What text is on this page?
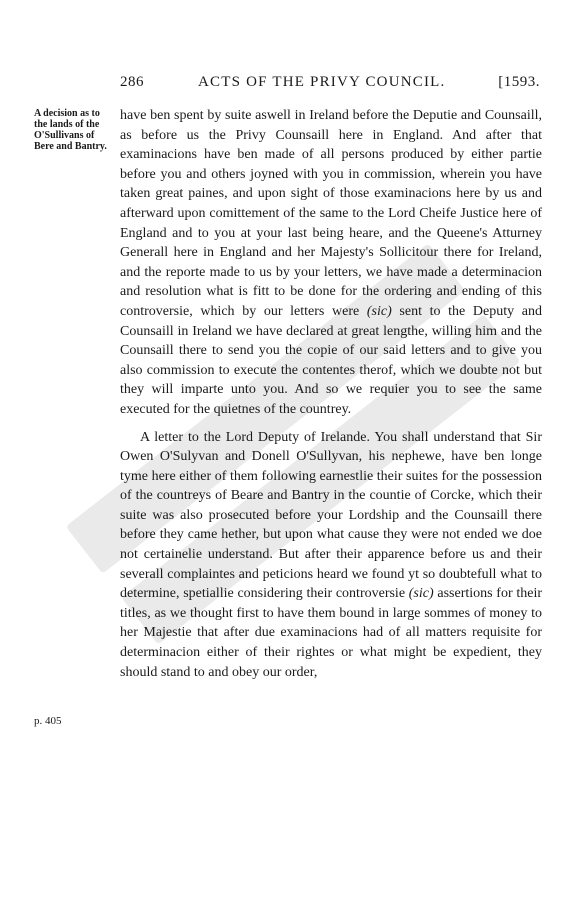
286	ACTS OF THE PRIVY COUNCIL.	[1593.
A decision as to the lands of the O'Sullivans of Bere and Bantry.
p. 405

have ben spent by suite aswell in Ireland before the Deputie and Counsaill, as before us the Privy Counsaill here in England. And after that examinacions have ben made of all persons produced by either partie before you and others joyned with you in commission, wherein you have taken great paines, and upon sight of those examinacions here by us and afterward upon comittement of the same to the Lord Cheife Justice here of England and to you at your last being heare, and the Queene's Atturney Generall here in England and her Majesty's Sollicitour there for Ireland, and the reporte made to us by your letters, we have made a determinacion and resolution what is fitt to be done for the ordering and ending of this controversie, which by our letters were (sic) sent to the Deputy and Counsaill in Ireland we have declared at great lengthe, willing him and the Counsaill there to send you the copie of our said letters and to give you also commission to execute the contentes therof, which we doubte not but they will imparte unto you. And so we requier you to see the same executed for the quietnes of the countrey.

A letter to the Lord Deputy of Irelande. You shall understand that Sir Owen O'Sulyvan and Donell O'Sullyvan, his nephewe, have ben longe tyme here either of them following earnestlie their suites for the possession of the countreys of Beare and Bantry in the countie of Corcke, which their suite was also prosecuted before your Lordship and the Counsaill there before they came hether, but upon what cause they were not ended we doe not certainelie understand. But after their apparence before us and their severall complaintes and peticions heard we found yt so doubtefull what to determine, spetiallie considering their controversie (sic) assertions for their titles, as we thought first to have them bound in large sommes of money to her Majestie that after due examinacions had of all matters requisite for determinacion either of their rightes or what might be expedient, they should stand to and obey our order,
